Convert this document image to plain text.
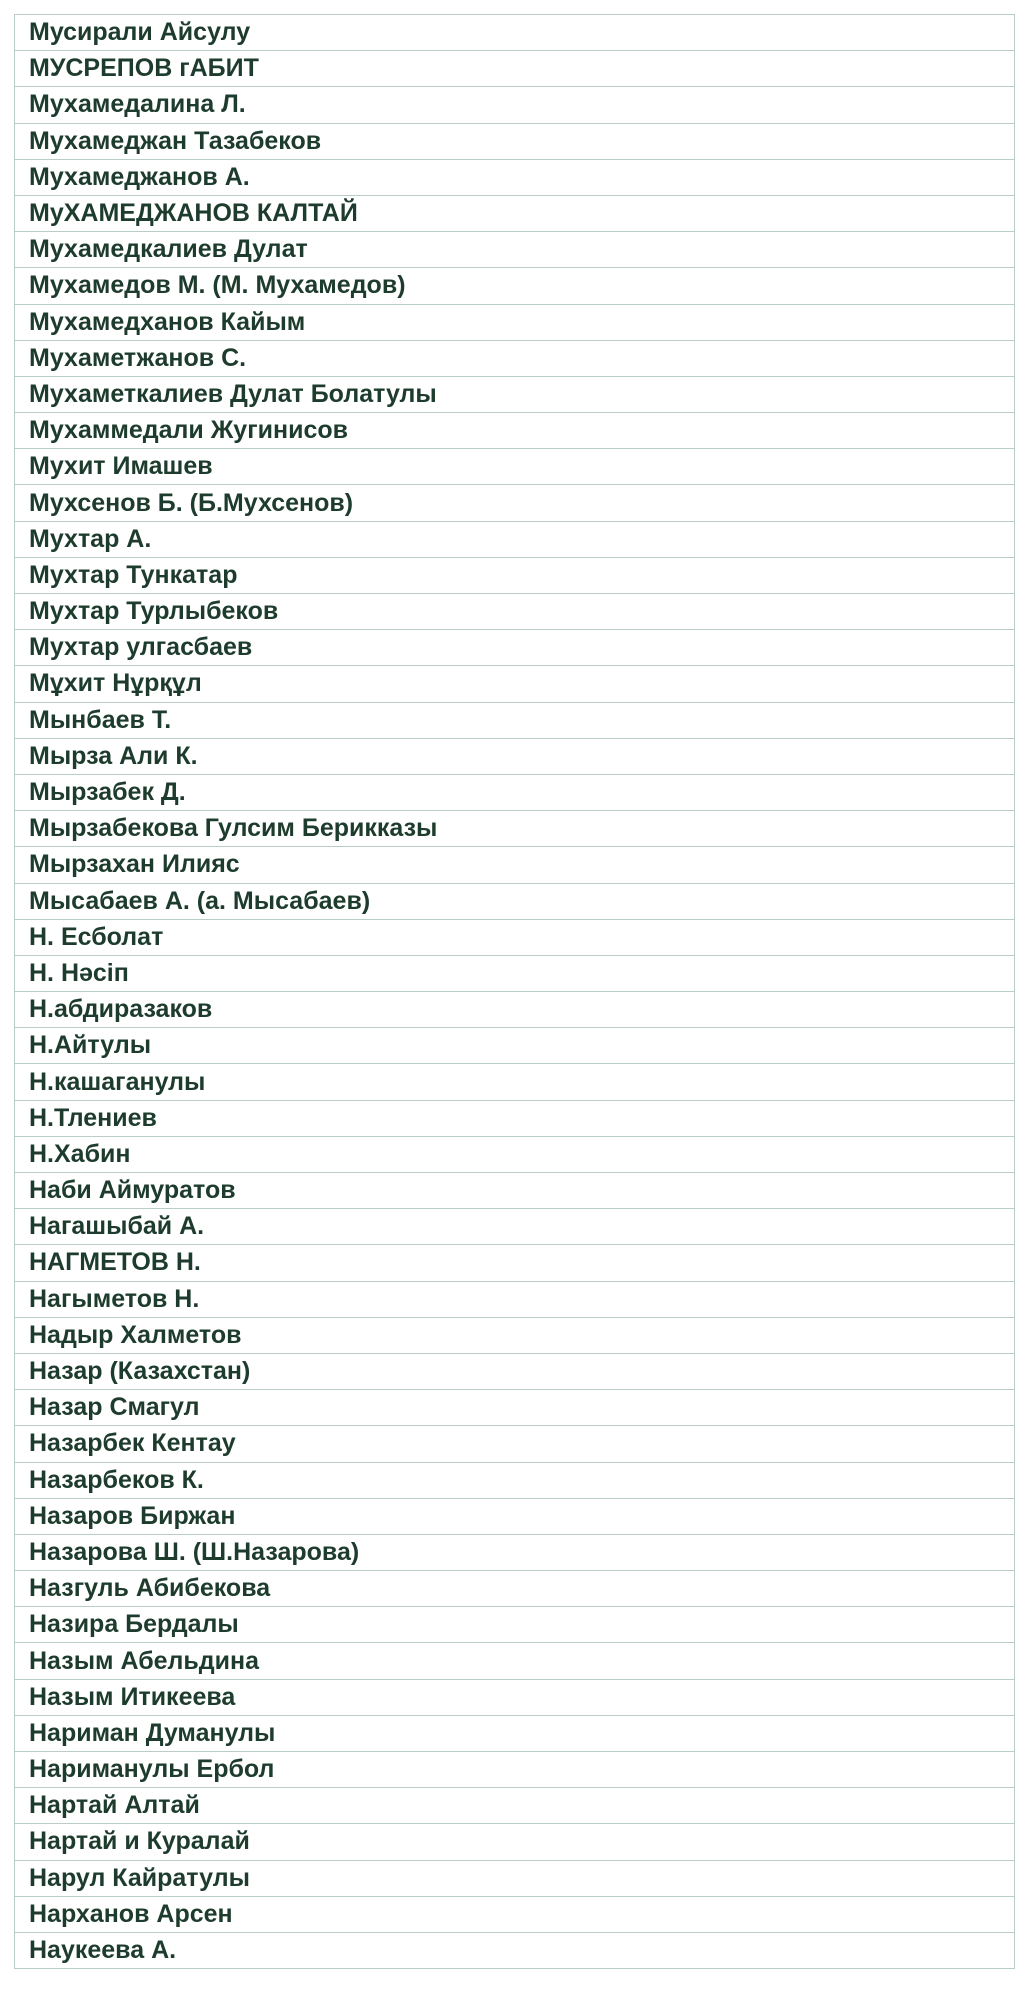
Мусирали Айсулу
МУСРЕПОВ гАБИТ
Мухамедалина Л.
Мухамеджан Тазабеков
Мухамеджанов А.
МуХАМЕДЖАНОВ КАЛТАЙ
Мухамедкалиев Дулат
Мухамедов М. (М. Мухамедов)
Мухамедханов Кайым
Мухаметжанов С.
Мухаметкалиев Дулат Болатулы
Мухаммедали Жугинисов
Мухит Имашев
Мухсенов Б. (Б.Мухсенов)
Мухтар А.
Мухтар Тункатар
Мухтар Турлыбеков
Мухтар улгасбаев
Мұхит Нұрқұл
Мынбаев Т.
Мырза Али К.
Мырзабек Д.
Мырзабекова Гулсим Берикказы
Мырзахан Илияс
Мысабаев А. (а. Мысабаев)
Н. Есболат
Н. Нәсіп
Н.абдиразаков
Н.Айтулы
Н.кашаганулы
Н.Тлениев
Н.Хабин
Наби Аймуратов
Нагашыбай А.
НАГМЕТОВ Н.
Нагыметов Н.
Надыр Халметов
Назар (Казахстан)
Назар Смагул
Назарбек Кентау
Назарбеков К.
Назаров Биржан
Назарова Ш. (Ш.Назарова)
Назгуль Абибекова
Назира Бердалы
Назым Абельдина
Назым Итикеева
Нариман Думанулы
Нариманулы Ербол
Нартай Алтай
Нартай и Куралай
Нарул Кайратулы
Нарханов Арсен
Наукеева А.
